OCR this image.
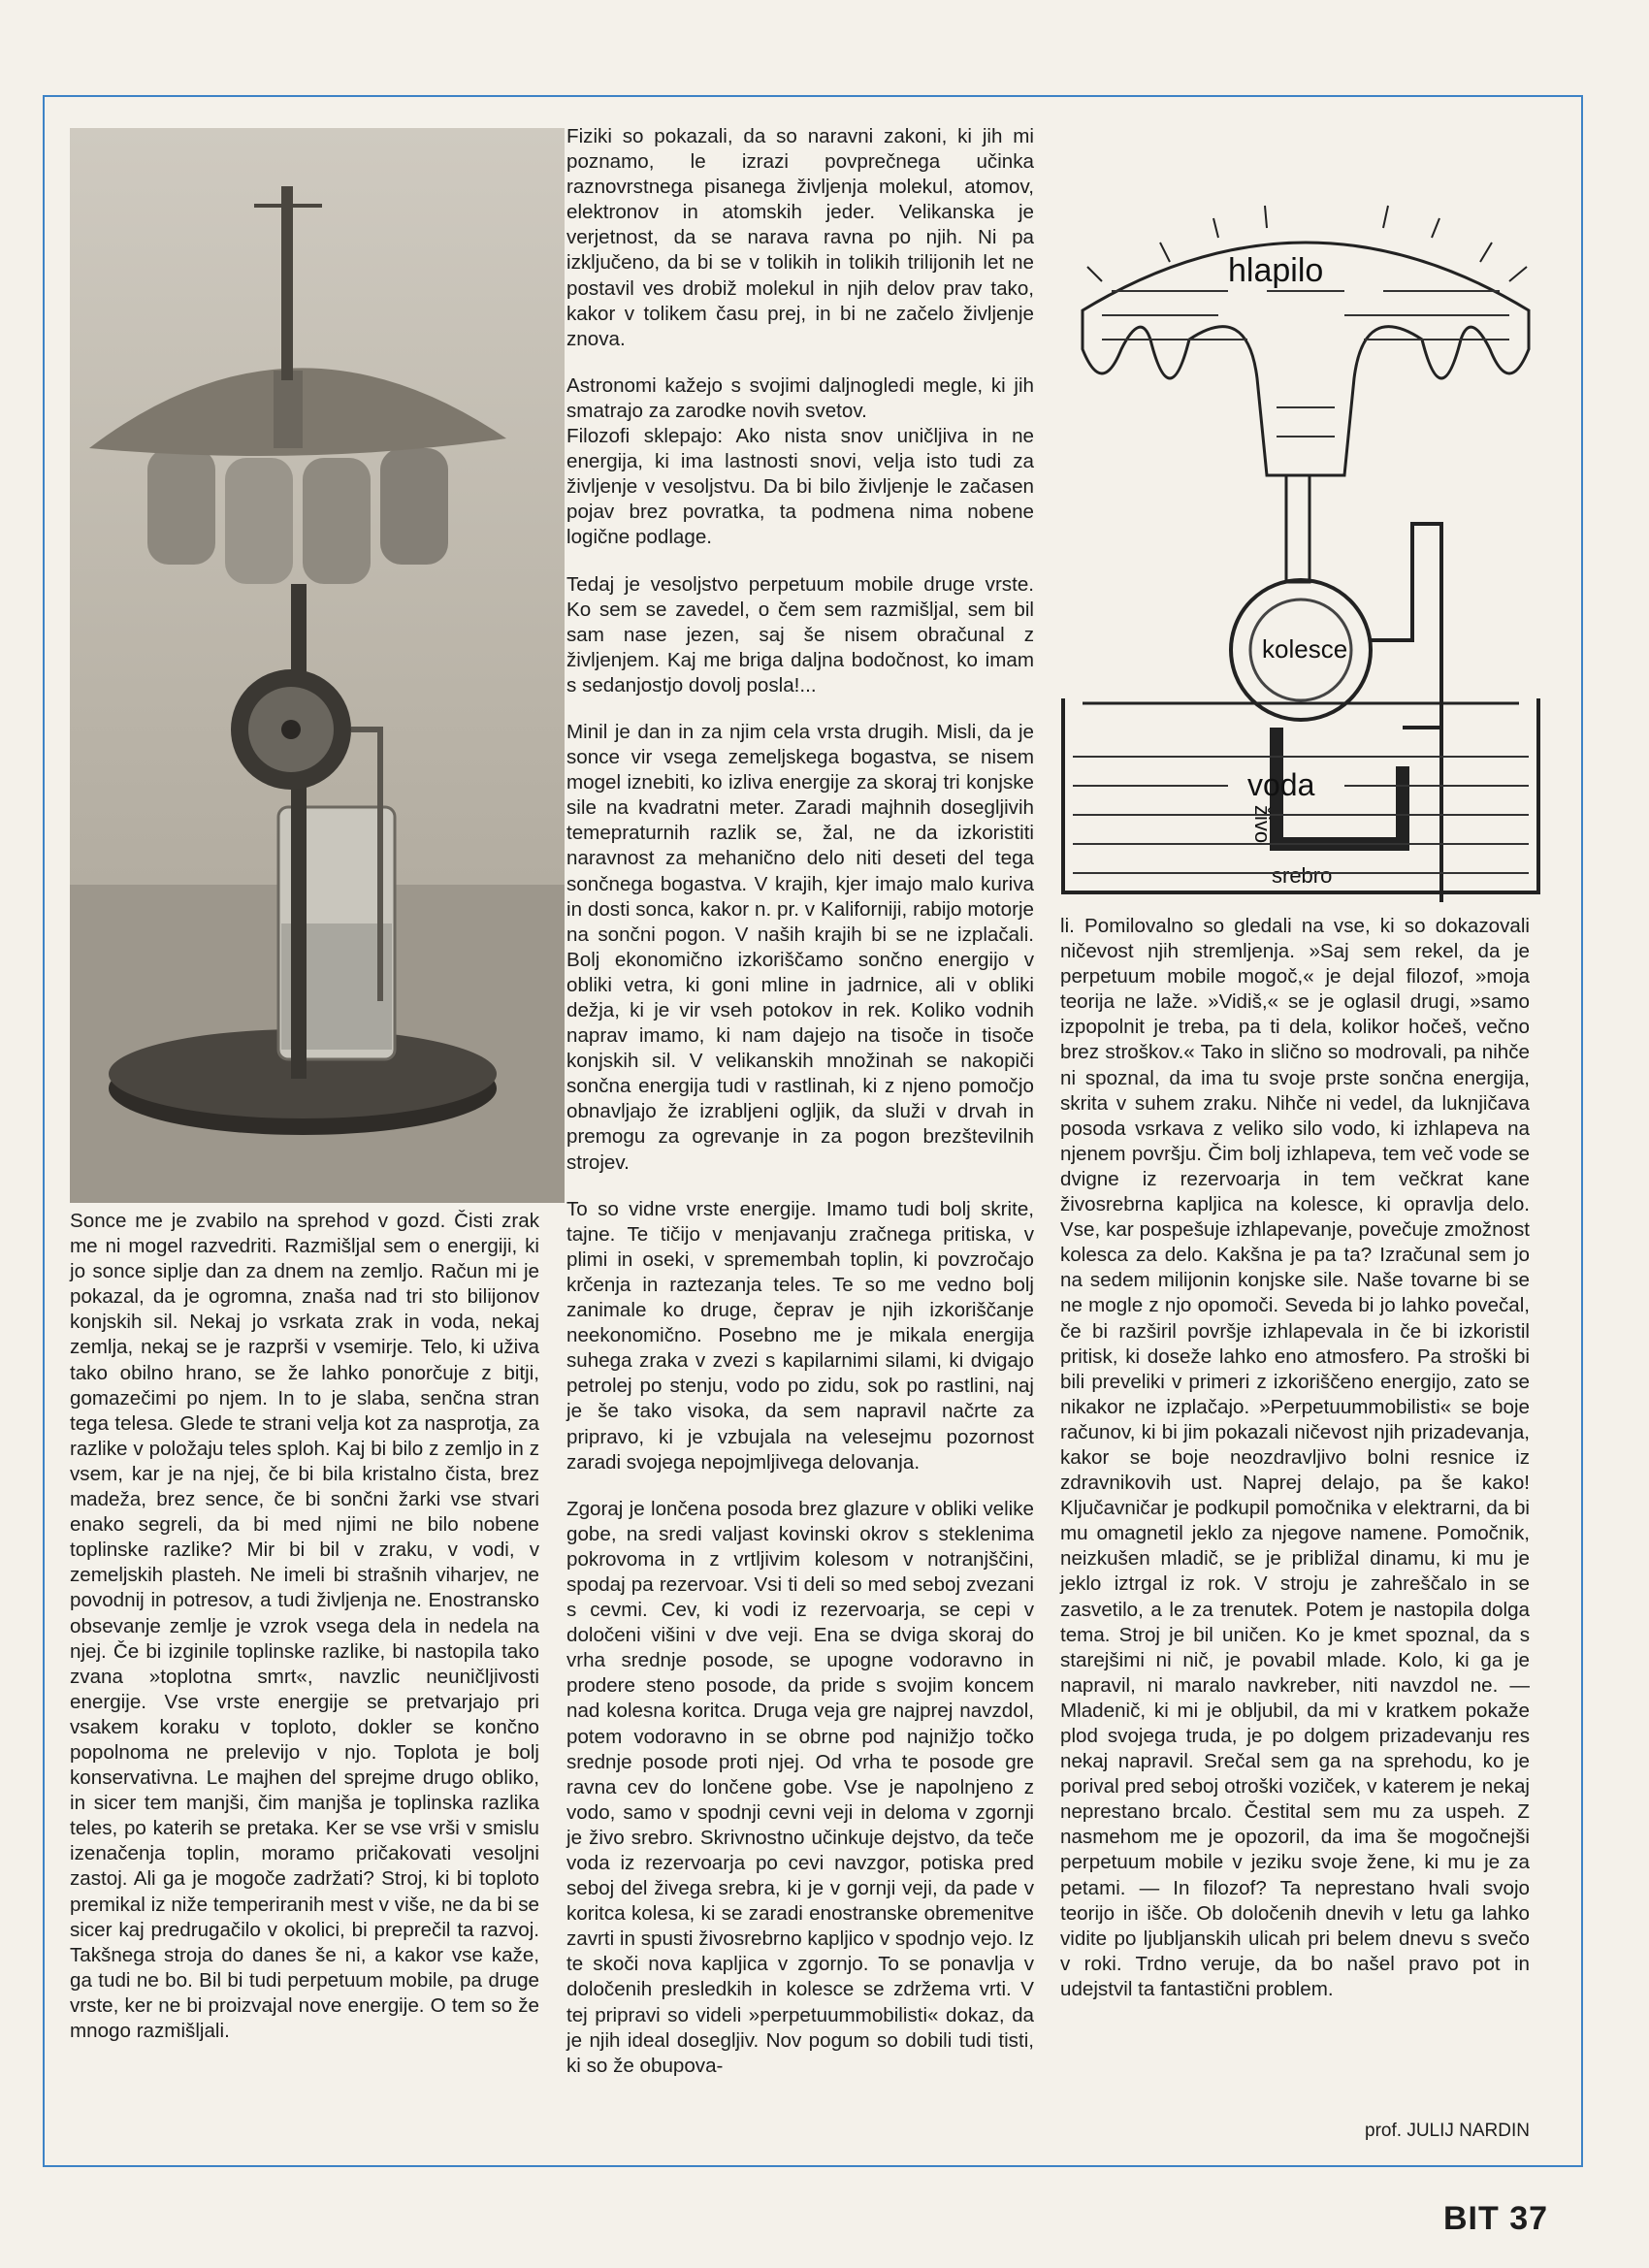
Sonce me je zvabilo na sprehod v gozd. Čisti zrak me ni mogel razvedriti. Razmišljal sem o energiji, ki jo sonce siplje dan za dnem na zemljo. Račun mi je pokazal, da je ogromna, znaša nad tri sto bilijonov konjskih sil. Nekaj jo vsrkata zrak in voda, nekaj zemlja, nekaj se je razprši v vsemirje. Telo, ki uživa tako obilno hrano, se že lahko ponorčuje z bitji, gomazečimi po njem. In to je slaba, senčna stran tega telesa. Glede te strani velja kot za nasprotja, za razlike v položaju teles sploh. Kaj bi bilo z zemljo in z vsem, kar je na njej, če bi bila kristalno čista, brez madeža, brez sence, če bi sončni žarki vse stvari enako segreli, da bi med njimi ne bilo nobene toplinske razlike? Mir bi bil v zraku, v vodi, v zemeljskih plasteh. Ne imeli bi strašnih viharjev, ne povodnij in potresov, a tudi življenja ne. Enostransko obsevanje zemlje je vzrok vsega dela in nedela na njej. Če bi izginile toplinske razlike, bi nastopila tako zvana »toplotna smrt«, navzlic neuničljivosti energije. Vse vrste energije se pretvarjajo pri vsakem koraku v toploto, dokler se končno popolnoma ne prelevijo v njo. Toplota je bolj konservativna. Le majhen del sprejme drugo obliko, in sicer tem manjši, čim manjša je toplinska razlika teles, po katerih se pretaka. Ker se vse vrši v smislu izenačenja toplin, moramo pričakovati vesoljni zastoj. Ali ga je mogoče zadržati? Stroj, ki bi toploto premikal iz niže temperiranih mest v više, ne da bi se sicer kaj predrugačilo v okolici, bi preprečil ta razvoj. Takšnega stroja do danes še ni, a kakor vse kaže, ga tudi ne bo. Bil bi tudi perpetuum mobile, pa druge vrste, ker ne bi proizvajal nove energije. O tem so že mnogo razmišljali.

Fiziki so pokazali, da so naravni zakoni, ki jih mi poznamo, le izrazi povprečnega učinka raznovrstnega pisanega življenja molekul, atomov, elektronov in atomskih jeder. Velikanska je verjetnost, da se narava ravna po njih. Ni pa izključeno, da bi se v tolikih in tolikih trilijonih let ne postavil ves drobiž molekul in njih delov prav tako, kakor v tolikem času prej, in bi ne začelo življenje znova.

Astronomi kažejo s svojimi daljnogledi megle, ki jih smatrajo za zarodke novih svetov.

Filozofi sklepajo: Ako nista snov uničljiva in ne energija, ki ima lastnosti snovi, velja isto tudi za življenje v vesoljstvu. Da bi bilo življenje le začasen pojav brez povratka, ta podmena nima nobene logične podlage.

Tedaj je vesoljstvo perpetuum mobile druge vrste. Ko sem se zavedel, o čem sem razmišljal, sem bil sam nase jezen, saj še nisem obračunal z življenjem. Kaj me briga daljna bodočnost, ko imam s sedanjostjo dovolj posla!...

Minil je dan in za njim cela vrsta drugih. Misli, da je sonce vir vsega zemeljskega bogastva, se nisem mogel iznebiti, ko izliva energije za skoraj tri konjske sile na kvadratni meter. Zaradi majhnih dosegljivih temepraturnih razlik se, žal, ne da izkoristiti naravnost za mehanično delo niti deseti del tega sončnega bogastva. V krajih, kjer imajo malo kuriva in dosti sonca, kakor n. pr. v Kaliforniji, rabijo motorje na sončni pogon. V naših krajih bi se ne izplačali. Bolj ekonomično izkoriščamo sončno energijo v obliki vetra, ki goni mline in jadrnice, ali v obliki dežja, ki je vir vseh potokov in rek. Koliko vodnih naprav imamo, ki nam dajejo na tisoče in tisoče konjskih sil. V velikanskih množinah se nakopiči sončna energija tudi v rastlinah, ki z njeno pomočjo obnavljajo že izrabljeni ogljik, da služi v drvah in premogu za ogrevanje in za pogon brezštevilnih strojev.

To so vidne vrste energije. Imamo tudi bolj skrite, tajne. Te tičijo v menjavanju zračnega pritiska, v plimi in oseki, v spremembah toplin, ki povzročajo krčenja in raztezanja teles. Te so me vedno bolj zanimale ko druge, čeprav je njih izkoriščanje neekonomično. Posebno me je mikala energija suhega zraka v zvezi s kapilarnimi silami, ki dvigajo petrolej po stenju, vodo po zidu, sok po rastlini, naj je še tako visoka, da sem napravil načrte za pripravo, ki je vzbujala na velesejmu pozornost zaradi svojega nepojmljivega delovanja.

Zgoraj je lončena posoda brez glazure v obliki velike gobe, na sredi valjast kovinski okrov s steklenima pokrovoma in z vrtljivim kolesom v notranjščini, spodaj pa rezervoar. Vsi ti deli so med seboj zvezani s cevmi. Cev, ki vodi iz rezervoarja, se cepi v določeni višini v dve veji. Ena se dviga skoraj do vrha srednje posode, se upogne vodoravno in prodere steno posode, da pride s svojim koncem nad kolesna koritca. Druga veja gre najprej navzdol, potem vodoravno in se obrne pod najnižjo točko srednje posode proti njej. Od vrha te posode gre ravna cev do lončene gobe. Vse je napolnjeno z vodo, samo v spodnji cevni veji in deloma v zgornji je živo srebro. Skrivnostno učinkuje dejstvo, da teče voda iz rezervoarja po cevi navzgor, potiska pred seboj del živega srebra, ki je v gornji veji, da pade v koritca kolesa, ki se zaradi enostranske obremenitve zavrti in spusti živosrebrno kapljico v spodnjo vejo. Iz te skoči nova kapljica v zgornjo. To se ponavlja v določenih presledkih in kolesce se zdržema vrti. V tej pripravi so videli »perpetuummobilisti« dokaz, da je njih ideal dosegljiv. Nov pogum so dobili tudi tisti, ki so že obupova-

hlapilo
kolesce
živo
srebro
voda

li. Pomilovalno so gledali na vse, ki so dokazovali ničevost njih stremljenja. »Saj sem rekel, da je perpetuum mobile mogoč,« je dejal filozof, »moja teorija ne laže. »Vidiš,« se je oglasil drugi, »samo izpopolnit je treba, pa ti dela, kolikor hočeš, večno brez stroškov.« Tako in slično so modrovali, pa nihče ni spoznal, da ima tu svoje prste sončna energija, skrita v suhem zraku. Nihče ni vedel, da luknjičava posoda vsrkava z veliko silo vodo, ki izhlapeva na njenem površju. Čim bolj izhlapeva, tem več vode se dvigne iz rezervoarja in tem večkrat kane živosrebrna kapljica na kolesce, ki opravlja delo. Vse, kar pospešuje izhlapevanje, povečuje zmožnost kolesca za delo. Kakšna je pa ta? Izračunal sem jo na sedem milijonin konjske sile. Naše tovarne bi se ne mogle z njo opomoči. Seveda bi jo lahko povečal, če bi razširil površje izhlapevala in če bi izkoristil pritisk, ki doseže lahko eno atmosfero. Pa stroški bi bili preveliki v primeri z izkoriščeno energijo, zato se nikakor ne izplačajo. »Perpetuummobilisti« se boje računov, ki bi jim pokazali ničevost njih prizadevanja, kakor se boje neozdravljivo bolni resnice iz zdravnikovih ust. Naprej delajo, pa še kako! Ključavničar je podkupil pomočnika v elektrarni, da bi mu omagnetil jeklo za njegove namene. Pomočnik, neizkušen mladič, se je približal dinamu, ki mu je jeklo iztrgal iz rok. V stroju je zahreščalo in se zasvetilo, a le za trenutek. Potem je nastopila dolga tema. Stroj je bil uničen. Ko je kmet spoznal, da s starejšimi ni nič, je povabil mlade. Kolo, ki ga je napravil, ni maralo navkreber, niti navzdol ne. — Mladenič, ki mi je obljubil, da mi v kratkem pokaže plod svojega truda, je po dolgem prizadevanju res nekaj napravil. Srečal sem ga na sprehodu, ko je porival pred seboj otroški voziček, v katerem je nekaj neprestano brcalo. Čestital sem mu za uspeh. Z nasmehom me je opozoril, da ima še mogočnejši perpetuum mobile v jeziku svoje žene, ki mu je za petami. — In filozof? Ta neprestano hvali svojo teorijo in išče. Ob določenih dnevih v letu ga lahko vidite po ljubljanskih ulicah pri belem dnevu s svečo v roki. Trdno veruje, da bo našel pravo pot in udejstvil ta fantastični problem.

prof. JULIJ NARDIN
BIT 37
